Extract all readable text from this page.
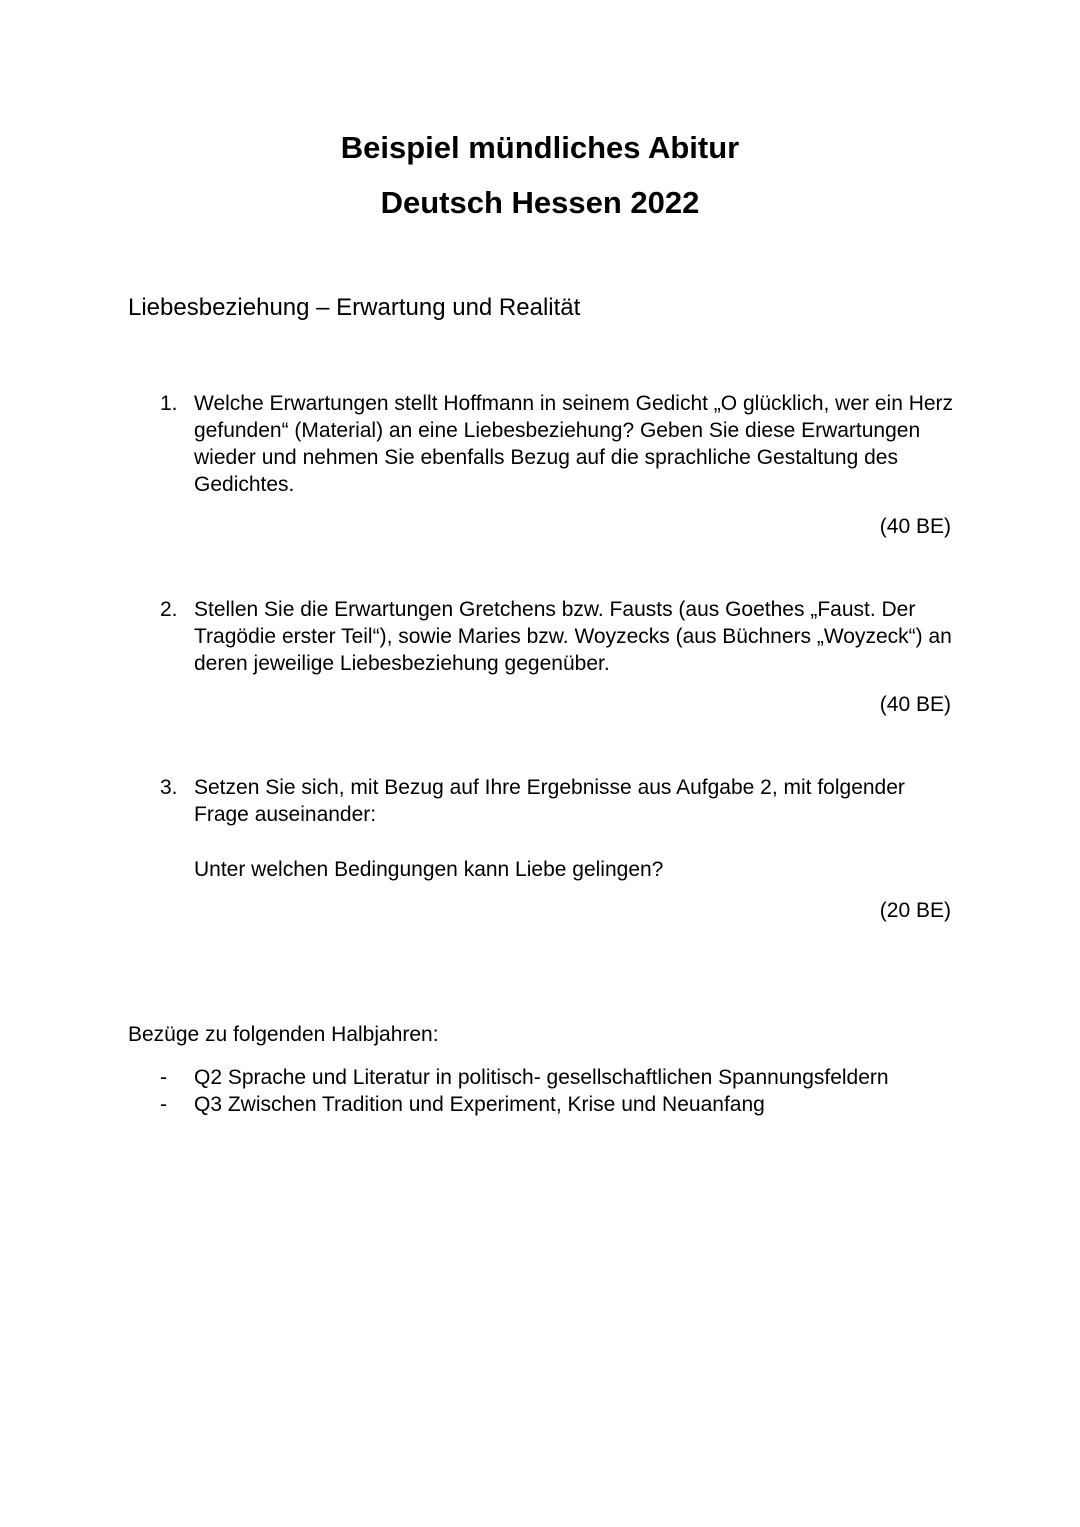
Beispiel mündliches Abitur
Deutsch Hessen 2022
Liebesbeziehung – Erwartung und Realität
1. Welche Erwartungen stellt Hoffmann in seinem Gedicht „O glücklich, wer ein Herz gefunden“ (Material) an eine Liebesbeziehung? Geben Sie diese Erwartungen wieder und nehmen Sie ebenfalls Bezug auf die sprachliche Gestaltung des Gedichtes.
(40 BE)
2. Stellen Sie die Erwartungen Gretchens bzw. Fausts (aus Goethes „Faust. Der Tragödie erster Teil“), sowie Maries bzw. Woyzecks (aus Büchners „Woyzeck“) an deren jeweilige Liebesbeziehung gegenüber.
(40 BE)
3. Setzen Sie sich, mit Bezug auf Ihre Ergebnisse aus Aufgabe 2, mit folgender Frage auseinander:
Unter welchen Bedingungen kann Liebe gelingen?
(20 BE)
Bezüge zu folgenden Halbjahren:
- Q2 Sprache und Literatur in politisch- gesellschaftlichen Spannungsfeldern
- Q3 Zwischen Tradition und Experiment, Krise und Neuanfang
